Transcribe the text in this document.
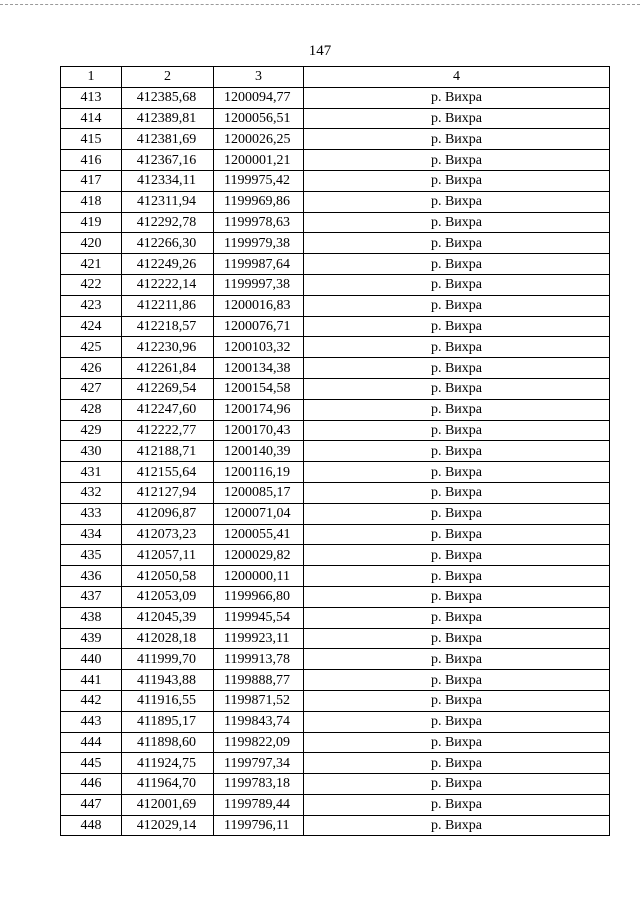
147
1	2	3	4
413	412385,68	1200094,77	р. Вихра
414	412389,81	1200056,51	р. Вихра
415	412381,69	1200026,25	р. Вихра
416	412367,16	1200001,21	р. Вихра
417	412334,11	1199975,42	р. Вихра
418	412311,94	1199969,86	р. Вихра
419	412292,78	1199978,63	р. Вихра
420	412266,30	1199979,38	р. Вихра
421	412249,26	1199987,64	р. Вихра
422	412222,14	1199997,38	р. Вихра
423	412211,86	1200016,83	р. Вихра
424	412218,57	1200076,71	р. Вихра
425	412230,96	1200103,32	р. Вихра
426	412261,84	1200134,38	р. Вихра
427	412269,54	1200154,58	р. Вихра
428	412247,60	1200174,96	р. Вихра
429	412222,77	1200170,43	р. Вихра
430	412188,71	1200140,39	р. Вихра
431	412155,64	1200116,19	р. Вихра
432	412127,94	1200085,17	р. Вихра
433	412096,87	1200071,04	р. Вихра
434	412073,23	1200055,41	р. Вихра
435	412057,11	1200029,82	р. Вихра
436	412050,58	1200000,11	р. Вихра
437	412053,09	1199966,80	р. Вихра
438	412045,39	1199945,54	р. Вихра
439	412028,18	1199923,11	р. Вихра
440	411999,70	1199913,78	р. Вихра
441	411943,88	1199888,77	р. Вихра
442	411916,55	1199871,52	р. Вихра
443	411895,17	1199843,74	р. Вихра
444	411898,60	1199822,09	р. Вихра
445	411924,75	1199797,34	р. Вихра
446	411964,70	1199783,18	р. Вихра
447	412001,69	1199789,44	р. Вихра
448	412029,14	1199796,11	р. Вихра
